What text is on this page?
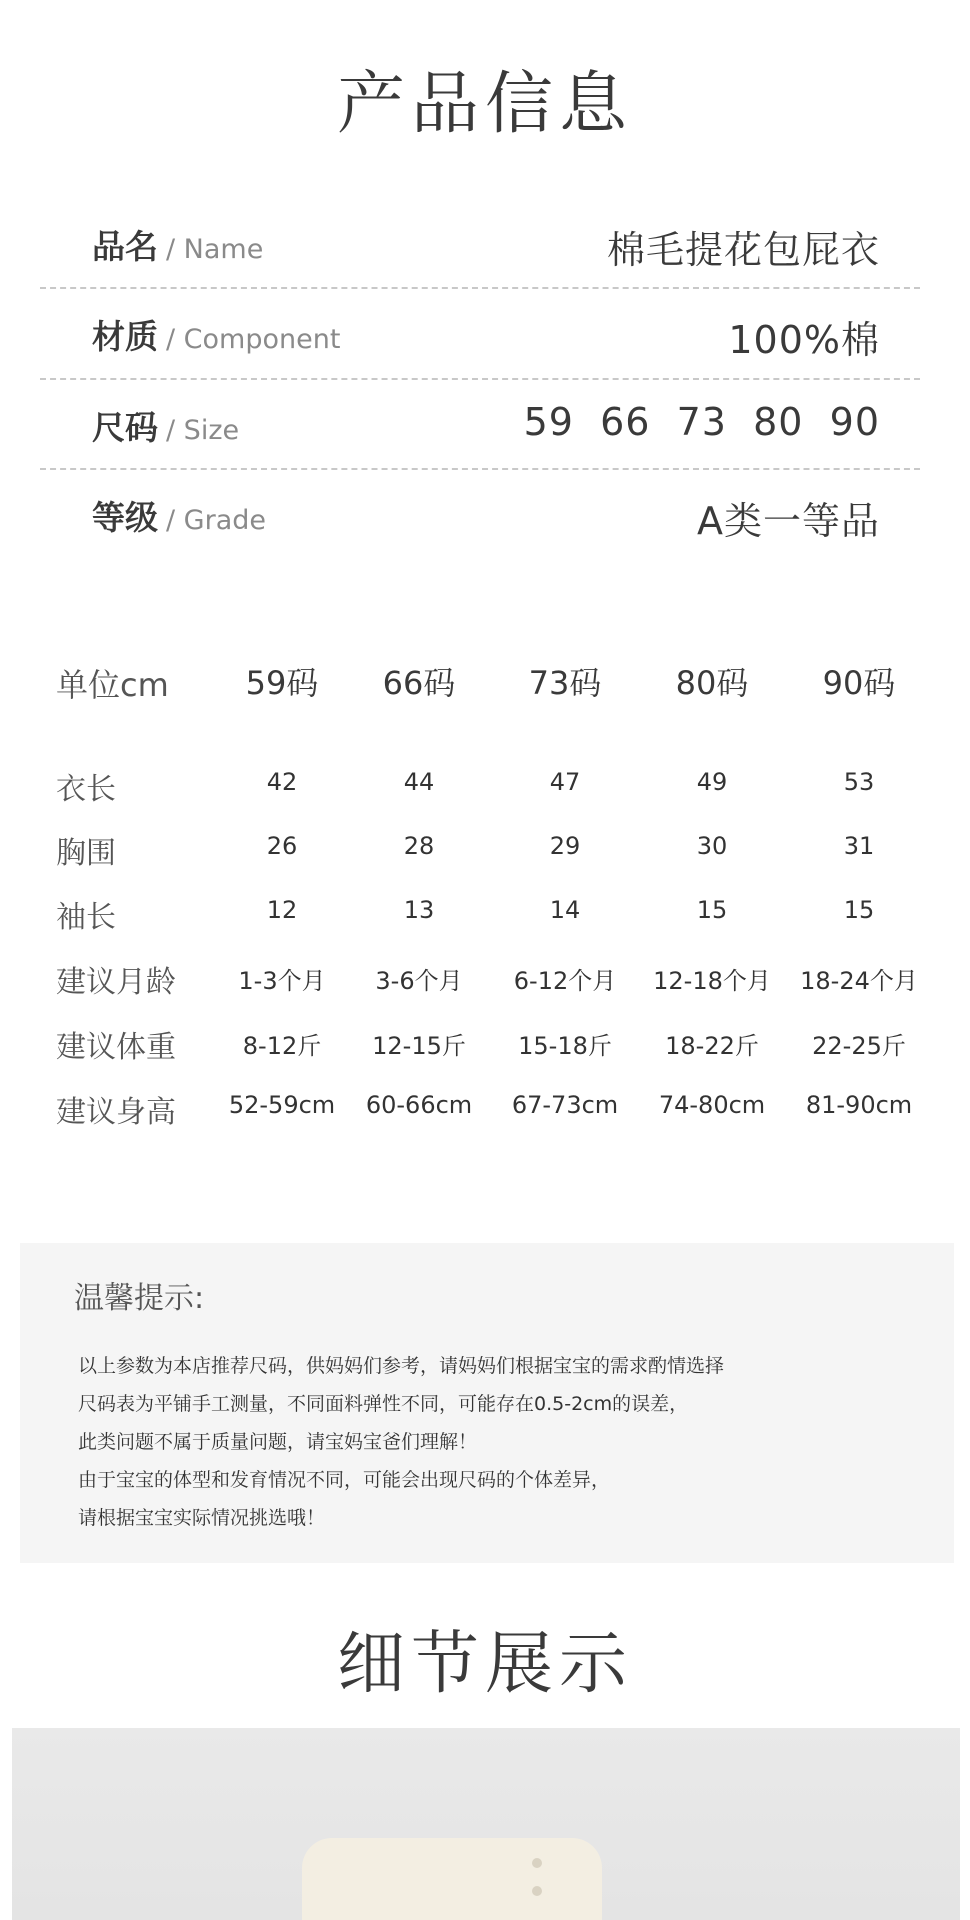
产品信息
品名 / Name	棉毛提花包屁衣
材质 / Component	100%棉
尺码 / Size	59  66  73  80  90
等级 / Grade	A类一等品
单位cm	59码	66码	73码	80码	90码
衣长	42	44	47	49	53
胸围	26	28	29	30	31
袖长	12	13	14	15	15
建议月龄	1-3个月	3-6个月	6-12个月	12-18个月	18-24个月
建议体重	8-12斤	12-15斤	15-18斤	18-22斤	22-25斤
建议身高	52-59cm	60-66cm	67-73cm	74-80cm	81-90cm
温馨提示:
以上参数为本店推荐尺码，供妈妈们参考，请妈妈们根据宝宝的需求酌情选择
尺码表为平铺手工测量，不同面料弹性不同，可能存在0.5-2cm的误差，
此类问题不属于质量问题，请宝妈宝爸们理解！
由于宝宝的体型和发育情况不同，可能会出现尺码的个体差异，
请根据宝宝实际情况挑选哦！
细节展示
